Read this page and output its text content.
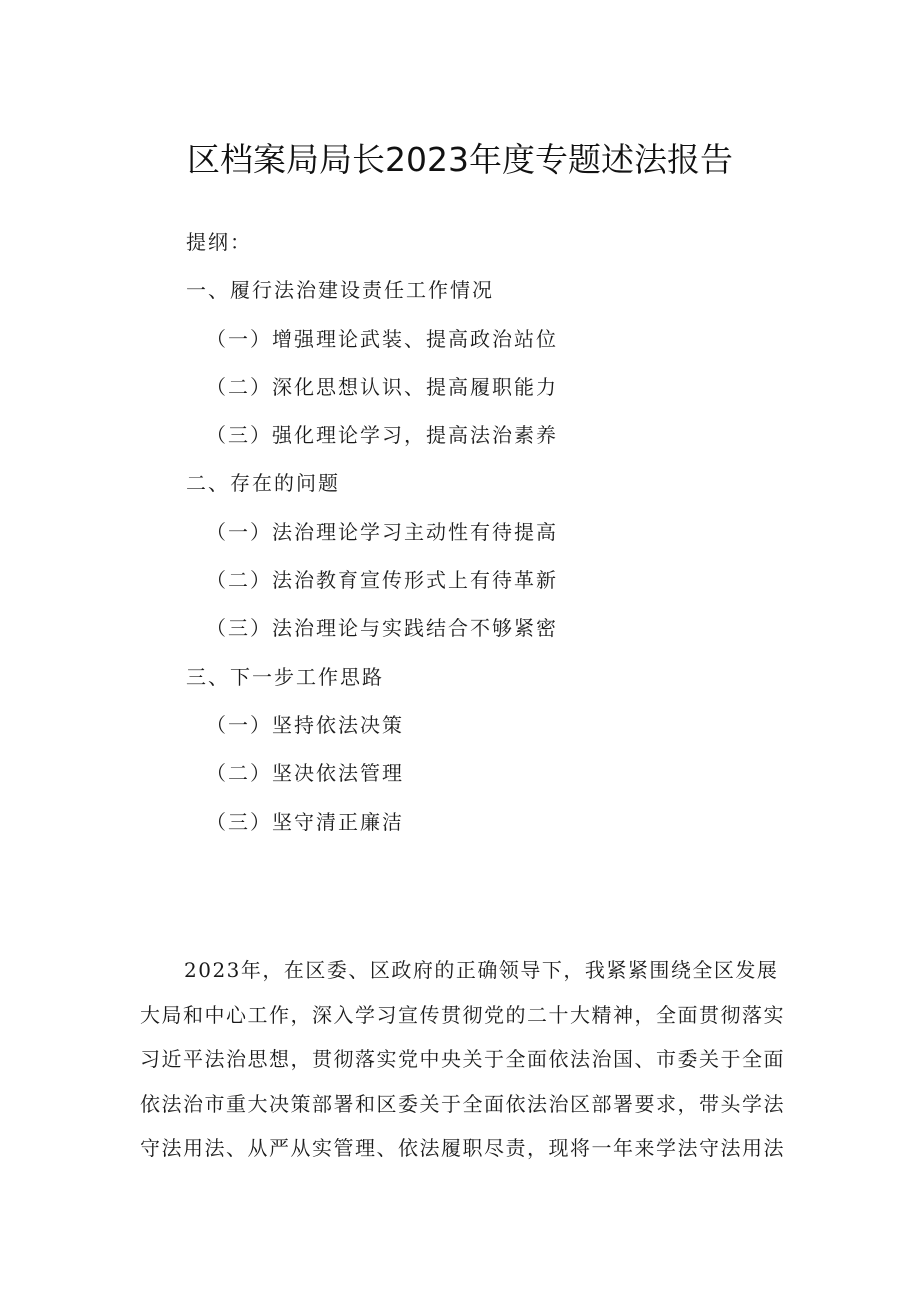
区档案局局长2023年度专题述法报告
提纲：
一、履行法治建设责任工作情况
（一）增强理论武装、提高政治站位
（二）深化思想认识、提高履职能力
（三）强化理论学习，提高法治素养
二、存在的问题
（一）法治理论学习主动性有待提高
（二）法治教育宣传形式上有待革新
（三）法治理论与实践结合不够紧密
三、下一步工作思路
（一）坚持依法决策
（二）坚决依法管理
（三）坚守清正廉洁
2023年，在区委、区政府的正确领导下，我紧紧围绕全区发展
大局和中心工作，深入学习宣传贯彻党的二十大精神，全面贯彻落实
习近平法治思想，贯彻落实党中央关于全面依法治国、市委关于全面
依法治市重大决策部署和区委关于全面依法治区部署要求，带头学法
守法用法、从严从实管理、依法履职尽责，现将一年来学法守法用法
